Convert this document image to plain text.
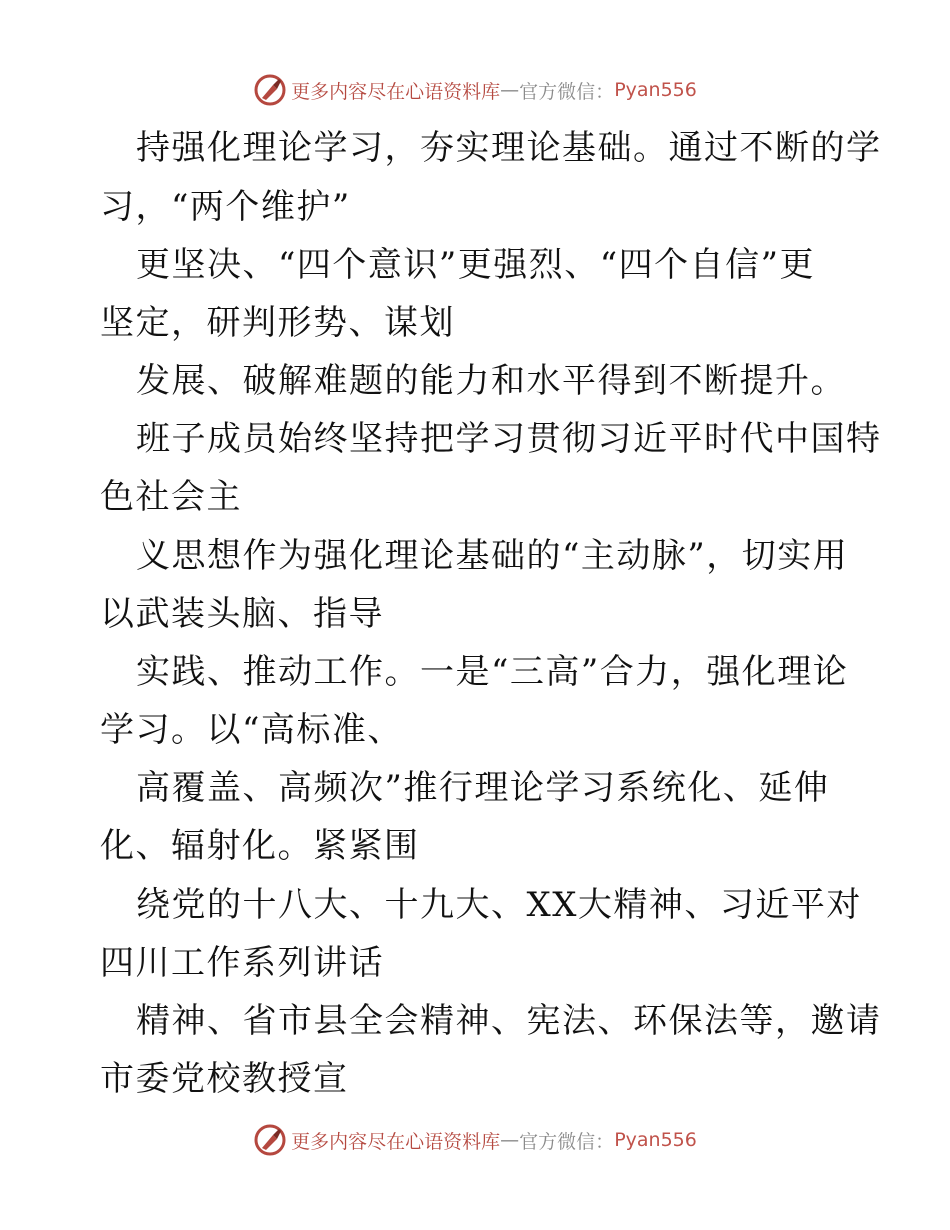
更多内容尽在心语资料库 — 官方微信： Pyan556
持强化理论学习，夯实理论基础。通过不断的学
习，“两个维护”
更坚决、“四个意识”更强烈、“四个自信”更
坚定，研判形势、谋划
发展、破解难题的能力和水平得到不断提升。
班子成员始终坚持把学习贯彻习近平时代中国特
色社会主
义思想作为强化理论基础的“主动脉”，切实用
以武装头脑、指导
实践、推动工作。一是“三高”合力，强化理论
学习。以“高标准、
高覆盖、高频次”推行理论学习系统化、延伸
化、辐射化。紧紧围
绕党的十八大、十九大、XX大精神、习近平对
四川工作系列讲话
精神、省市县全会精神、宪法、环保法等，邀请
市委党校教授宣
更多内容尽在心语资料库 — 官方微信： Pyan556
